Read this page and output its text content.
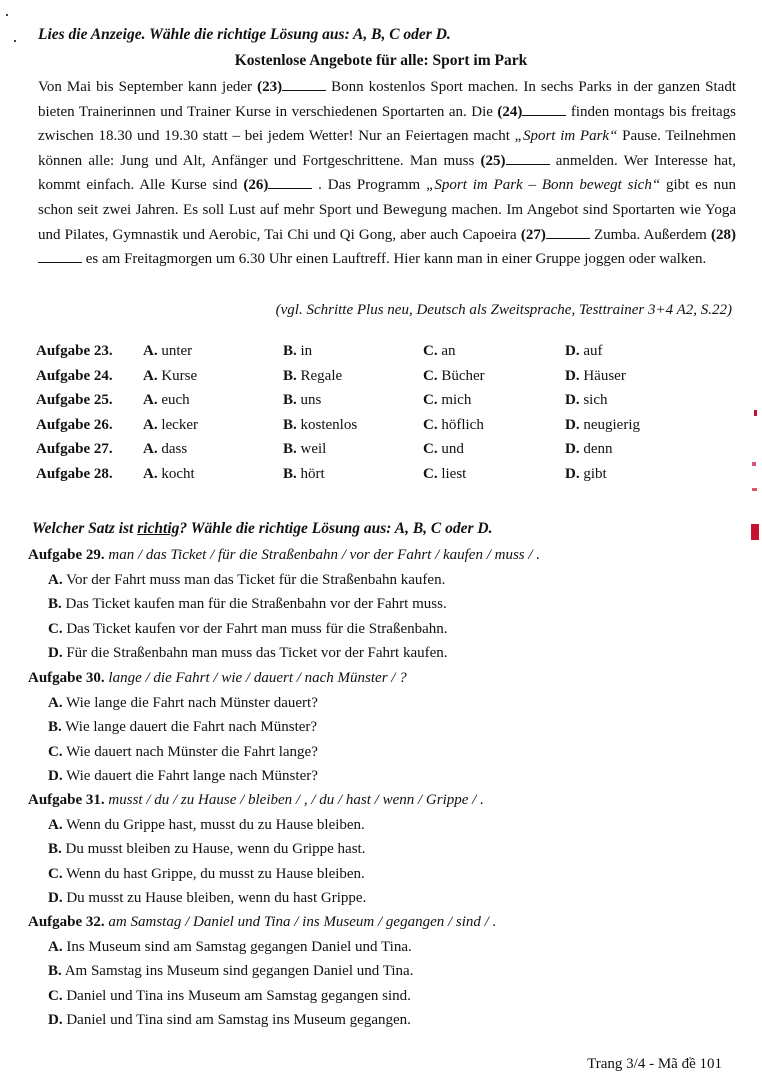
Lies die Anzeige. Wähle die richtige Lösung aus: A, B, C oder D.
Kostenlose Angebote für alle: Sport im Park
Von Mai bis September kann jeder (23)	Bonn kostenlos Sport machen. In sechs Parks in der ganzen Stadt bieten Trainerinnen und Trainer Kurse in verschiedenen Sportarten an. Die (24)	finden montags bis freitags zwischen 18.30 und 19.30 statt – bei jedem Wetter! Nur an Feiertagen macht „Sport im Park“ Pause. Teilnehmen können alle: Jung und Alt, Anfänger und Fortgeschrittene. Man muss (25)	anmelden. Wer Interesse hat, kommt einfach. Alle Kurse sind (26)	. Das Programm „Sport im Park – Bonn bewegt sich“ gibt es nun schon seit zwei Jahren. Es soll Lust auf mehr Sport und Bewegung machen. Im Angebot sind Sportarten wie Yoga und Pilates, Gymnastik und Aerobic, Tai Chi und Qi Gong, aber auch Capoeira (27)	Zumba. Außerdem (28) es am Freitagmorgen um 6.30 Uhr einen Lauftreff. Hier kann man in einer Gruppe joggen oder walken.
(vgl. Schritte Plus neu, Deutsch als Zweitsprache, Testtrainer 3+4 A2, S.22)
Aufgabe 23. A. unter	B. in	C. an	D. auf
Aufgabe 24. A. Kurse	B. Regale	C. Bücher	D. Häuser
Aufgabe 25. A. euch	B. uns	C. mich	D. sich
Aufgabe 26. A. lecker	B. kostenlos	C. höflich	D. neugierig
Aufgabe 27. A. dass	B. weil	C. und	D. denn
Aufgabe 28. A. kocht	B. hört	C. liest	D. gibt
Welcher Satz ist richtig? Wähle die richtige Lösung aus: A, B, C oder D.
Aufgabe 29. man / das Ticket / für die Straßenbahn / vor der Fahrt / kaufen / muss / .
A. Vor der Fahrt muss man das Ticket für die Straßenbahn kaufen.
B. Das Ticket kaufen man für die Straßenbahn vor der Fahrt muss.
C. Das Ticket kaufen vor der Fahrt man muss für die Straßenbahn.
D. Für die Straßenbahn man muss das Ticket vor der Fahrt kaufen.
Aufgabe 30. lange / die Fahrt / wie / dauert / nach Münster / ?
A. Wie lange die Fahrt nach Münster dauert?
B. Wie lange dauert die Fahrt nach Münster?
C. Wie dauert nach Münster die Fahrt lange?
D. Wie dauert die Fahrt lange nach Münster?
Aufgabe 31. musst / du / zu Hause / bleiben / , / du / hast / wenn / Grippe / .
A. Wenn du Grippe hast, musst du zu Hause bleiben.
B. Du musst bleiben zu Hause, wenn du Grippe hast.
C. Wenn du hast Grippe, du musst zu Hause bleiben.
D. Du musst zu Hause bleiben, wenn du hast Grippe.
Aufgabe 32. am Samstag / Daniel und Tina / ins Museum / gegangen / sind / .
A. Ins Museum sind am Samstag gegangen Daniel und Tina.
B. Am Samstag ins Museum sind gegangen Daniel und Tina.
C. Daniel und Tina ins Museum am Samstag gegangen sind.
D. Daniel und Tina sind am Samstag ins Museum gegangen.
Trang 3/4 - Mã đề 101
